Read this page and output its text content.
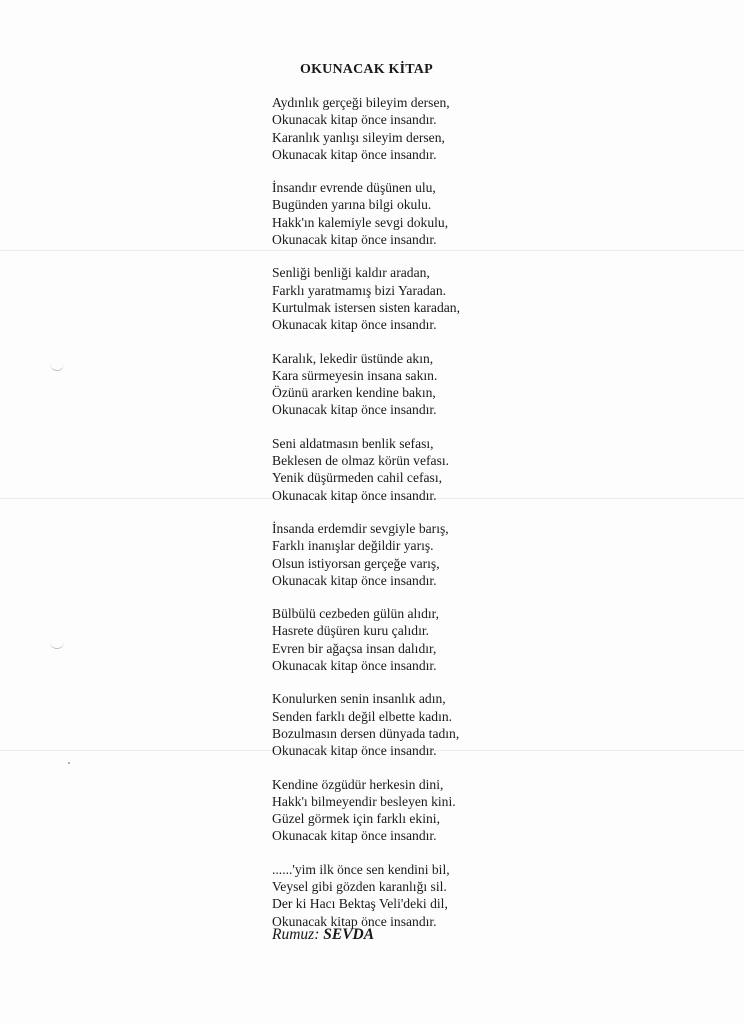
OKUNACAK KİTAP
Aydınlık gerçeği bileyim dersen,
Okunacak kitap önce insandır.
Karanlık yanlışı sileyim dersen,
Okunacak kitap önce insandır.
İnsandır evrende düşünen ulu,
Bugünden yarına bilgi okulu.
Hakk'ın kalemiyle sevgi dokulu,
Okunacak kitap önce insandır.
Senliği benliği kaldır aradan,
Farklı yaratmamış bizi Yaradan.
Kurtulmak istersen sisten karadan,
Okunacak kitap önce insandır.
Karalık, lekedir üstünde akın,
Kara sürmeyesin insana sakın.
Özünü ararken kendine bakın,
Okunacak kitap önce insandır.
Seni aldatmasın benlik sefası,
Beklesen de olmaz körün vefası.
Yenik düşürmeden cahil cefası,
Okunacak kitap önce insandır.
İnsanda erdemdir sevgiyle barış,
Farklı inanışlar değildir yarış.
Olsun istiyorsan gerçeğe varış,
Okunacak kitap önce insandır.
Bülbülü cezbeden gülün alıdır,
Hasrete düşüren kuru çalıdır.
Evren bir ağaçsa insan dalıdır,
Okunacak kitap önce insandır.
Konulurken senin insanlık adın,
Senden farklı değil elbette kadın.
Bozulmasın dersen dünyada tadın,
Okunacak kitap önce insandır.
Kendine özgüdür herkesin dini,
Hakk'ı bilmeyendir besleyen kini.
Güzel görmek için farklı ekini,
Okunacak kitap önce insandır.
......'yim ilk önce sen kendini bil,
Veysel gibi gözden karanlığı sil.
Der ki Hacı Bektaş Veli'deki dil,
Okunacak kitap önce insandır.
Rumuz: SEVDA
